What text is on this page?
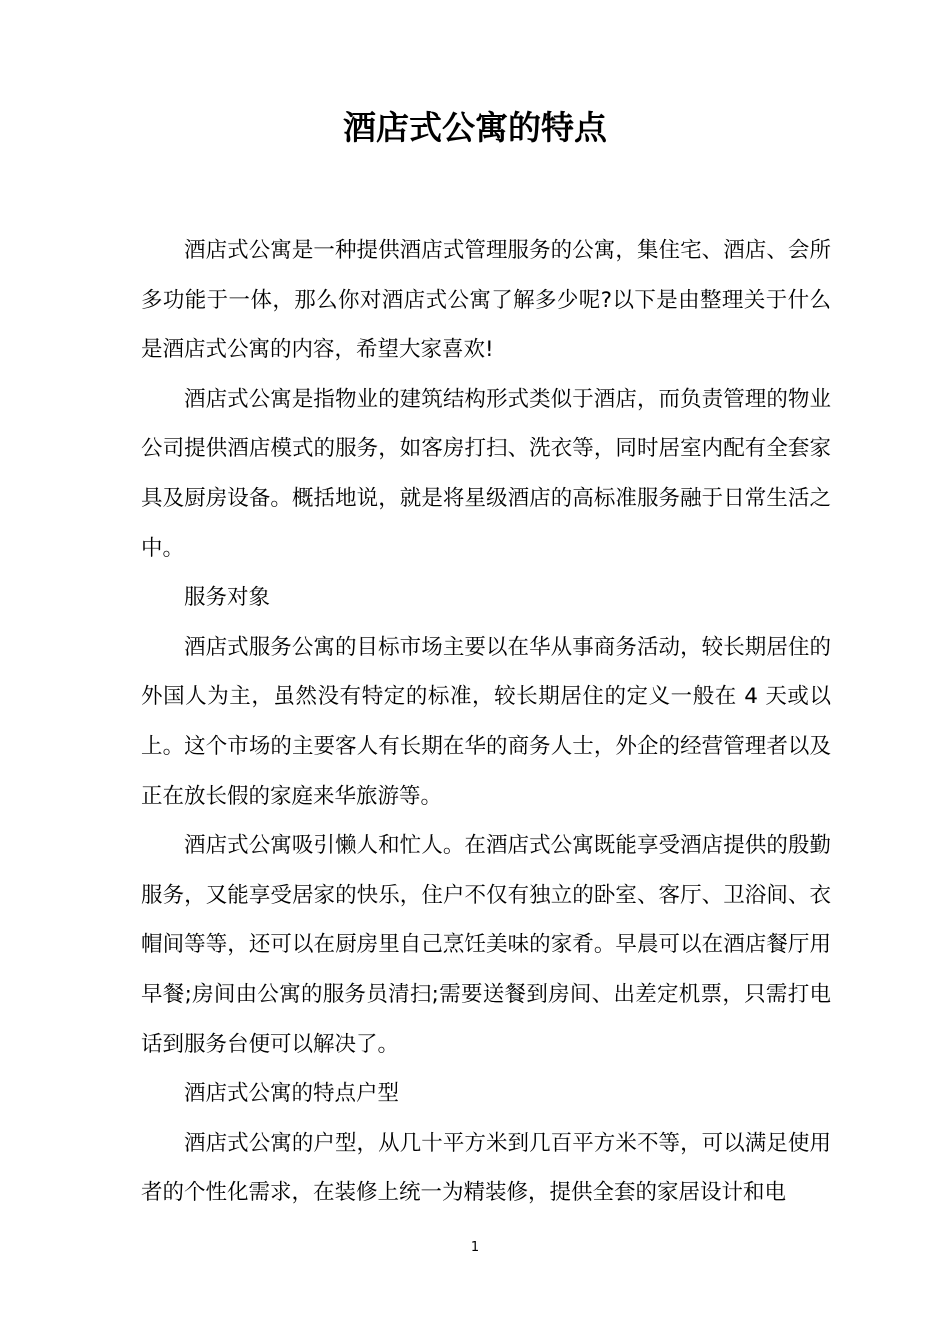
酒店式公寓的特点

酒店式公寓是一种提供酒店式管理服务的公寓，集住宅、酒店、会所多功能于一体，那么你对酒店式公寓了解多少呢?以下是由整理关于什么是酒店式公寓的内容，希望大家喜欢!

酒店式公寓是指物业的建筑结构形式类似于酒店，而负责管理的物业公司提供酒店模式的服务，如客房打扫、洗衣等，同时居室内配有全套家具及厨房设备。概括地说，就是将星级酒店的高标准服务融于日常生活之中。

服务对象

酒店式服务公寓的目标市场主要以在华从事商务活动，较长期居住的外国人为主，虽然没有特定的标准，较长期居住的定义一般在 4 天或以上。这个市场的主要客人有长期在华的商务人士，外企的经营管理者以及正在放长假的家庭来华旅游等。

酒店式公寓吸引懒人和忙人。在酒店式公寓既能享受酒店提供的殷勤服务，又能享受居家的快乐，住户不仅有独立的卧室、客厅、卫浴间、衣帽间等等，还可以在厨房里自己烹饪美味的家肴。早晨可以在酒店餐厅用早餐;房间由公寓的服务员清扫;需要送餐到房间、出差定机票，只需打电话到服务台便可以解决了。

酒店式公寓的特点户型

酒店式公寓的户型，从几十平方米到几百平方米不等，可以满足使用者的个性化需求，在装修上统一为精装修，提供全套的家居设计和电

1
